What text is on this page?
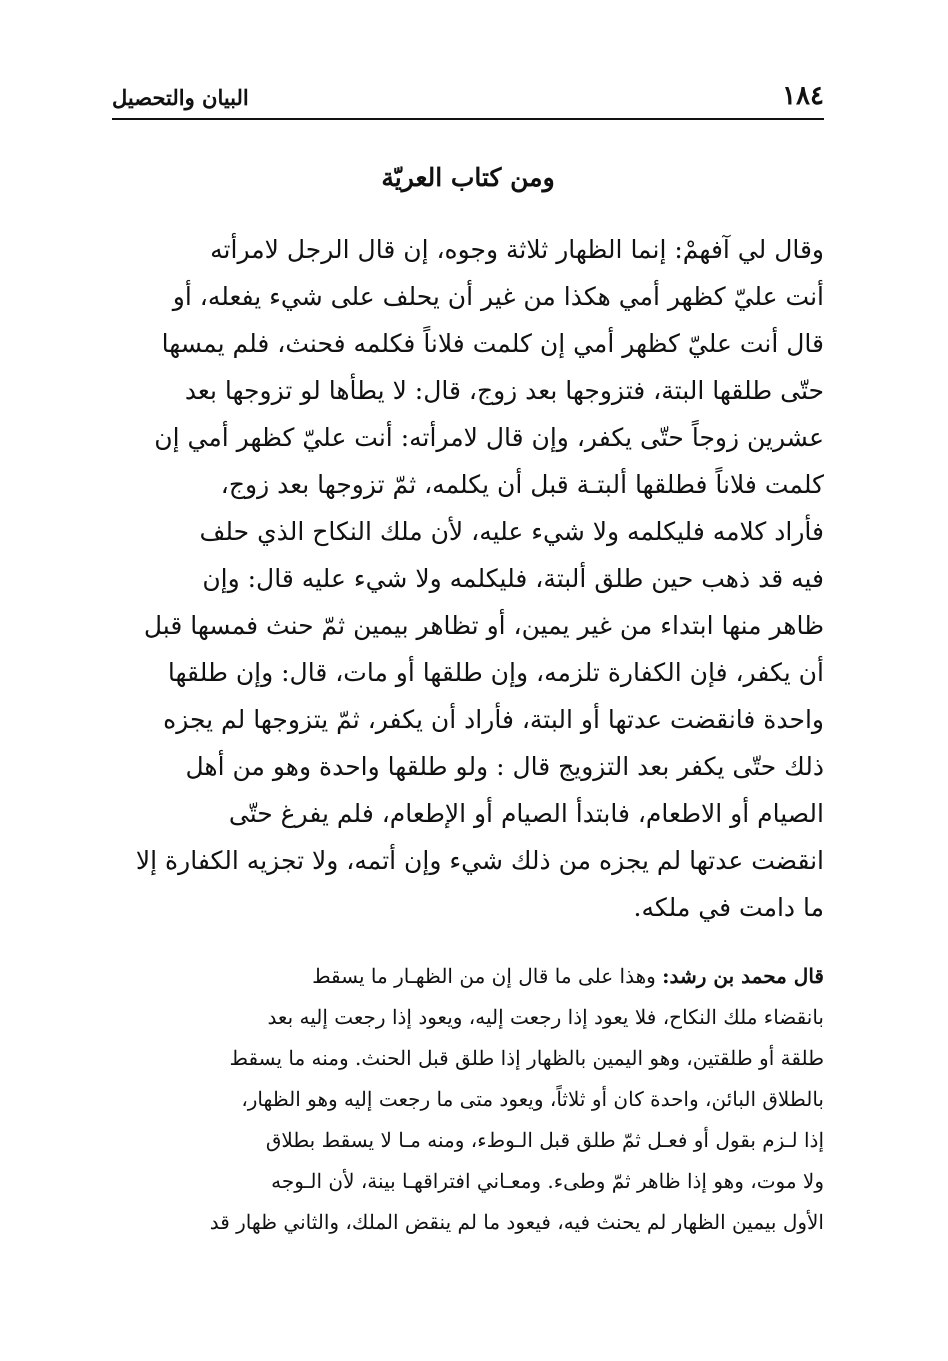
١٨٤
البيان والتحصيل
ومن كتاب العريّة
وقال لي آفهمْ: إنما الظهار ثلاثة وجوه، إن قال الرجل لامرأته
أنت عليّ كظهر أمي هكذا من غير أن يحلف على شيء يفعله، أو
قال أنت عليّ كظهر أمي إن كلمت فلاناً فكلمه فحنث، فلم يمسها
حتّى طلقها البتة، فتزوجها بعد زوج، قال: لا يطأها لو تزوجها بعد
عشرين زوجاً حتّى يكفر، وإن قال لامرأته: أنت عليّ كظهر أمي إن
كلمت فلاناً فطلقها ألبتـة قبل أن يكلمه، ثمّ تزوجها بعد زوج،
فأراد كلامه فليكلمه ولا شيء عليه، لأن ملك النكاح الذي حلف
فيه قد ذهب حين طلق ألبتة، فليكلمه ولا شيء عليه قال: وإن
ظاهر منها ابتداء من غير يمين، أو تظاهر بيمين ثمّ حنث فمسها قبل
أن يكفر، فإن الكفارة تلزمه، وإن طلقها أو مات، قال: وإن طلقها
واحدة فانقضت عدتها أو البتة، فأراد أن يكفر، ثمّ يتزوجها لم يجزه
ذلك حتّى يكفر بعد التزويج قال : ولو طلقها واحدة وهو من أهل
الصيام أو الاطعام، فابتدأ الصيام أو الإطعام، فلم يفرغ حتّى
انقضت عدتها لم يجزه من ذلك شيء وإن أتمه، ولا تجزيه الكفارة إلا
ما دامت في ملكه.
قال محمد بن رشد: وهذا على ما قال إن من الظهـار ما يسقط
بانقضاء ملك النكاح، فلا يعود إذا رجعت إليه، ويعود إذا رجعت إليه بعد
طلقة أو طلقتين، وهو اليمين بالظهار إذا طلق قبل الحنث. ومنه ما يسقط
بالطلاق البائن، واحدة كان أو ثلاثاً، ويعود متى ما رجعت إليه وهو الظهار،
إذا لـزم بقول أو فعـل ثمّ طلق قبل الـوطء، ومنه مـا لا يسقط بطلاق
ولا موت، وهو إذا ظاهر ثمّ وطىء. ومعـاني افتراقهـا بينة، لأن الـوجه
الأول بيمين الظهار لم يحنث فيه، فيعود ما لم ينقض الملك، والثاني ظهار قد
